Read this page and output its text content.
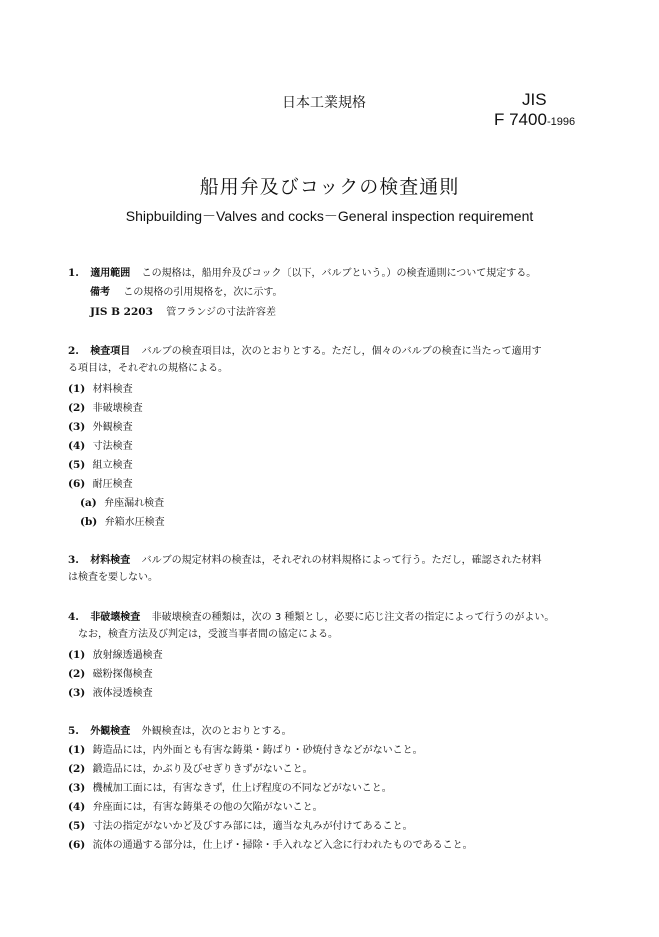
日本工業規格	JIS
F 7400-1996
船用弁及びコックの検査通則
Shipbuilding－Valves and cocks－General inspection requirement
1. 適用範囲 この規格は，船用弁及びコック〔以下，バルブという。）の検査通則について規定する。
備考 この規格の引用規格を，次に示す。
JIS B 2203 管フランジの寸法許容差
2. 検査項目 バルブの検査項目は，次のとおりとする。ただし，個々のバルブの検査に当たって適用す
る項目は，それぞれの規格による。
(1) 材料検査
(2) 非破壊検査
(3) 外観検査
(4) 寸法検査
(5) 組立検査
(6) 耐圧検査
(a) 弁座漏れ検査
(b) 弁箱水圧検査
3. 材料検査 バルブの規定材料の検査は，それぞれの材料規格によって行う。ただし，確認された材料
は検査を要しない。
4. 非破壊検査 非破壊検査の種類は，次の 3 種類とし，必要に応じ注文者の指定によって行うのがよい。
なお，検査方法及び判定は，受渡当事者間の協定による。
(1) 放射線透過検査
(2) 磁粉探傷検査
(3) 液体浸透検査
5. 外観検査 外観検査は，次のとおりとする。
(1) 鋳造品には，内外面とも有害な鋳巣・鋳ばり・砂焼付きなどがないこと。
(2) 鍛造品には，かぶり及びせぎりきずがないこと。
(3) 機械加工面には，有害なきず，仕上げ程度の不同などがないこと。
(4) 弁座面には，有害な鋳巣その他の欠陥がないこと。
(5) 寸法の指定がないかど及びすみ部には，適当な丸みが付けてあること。
(6) 流体の通過する部分は，仕上げ・掃除・手入れなど入念に行われたものであること。
